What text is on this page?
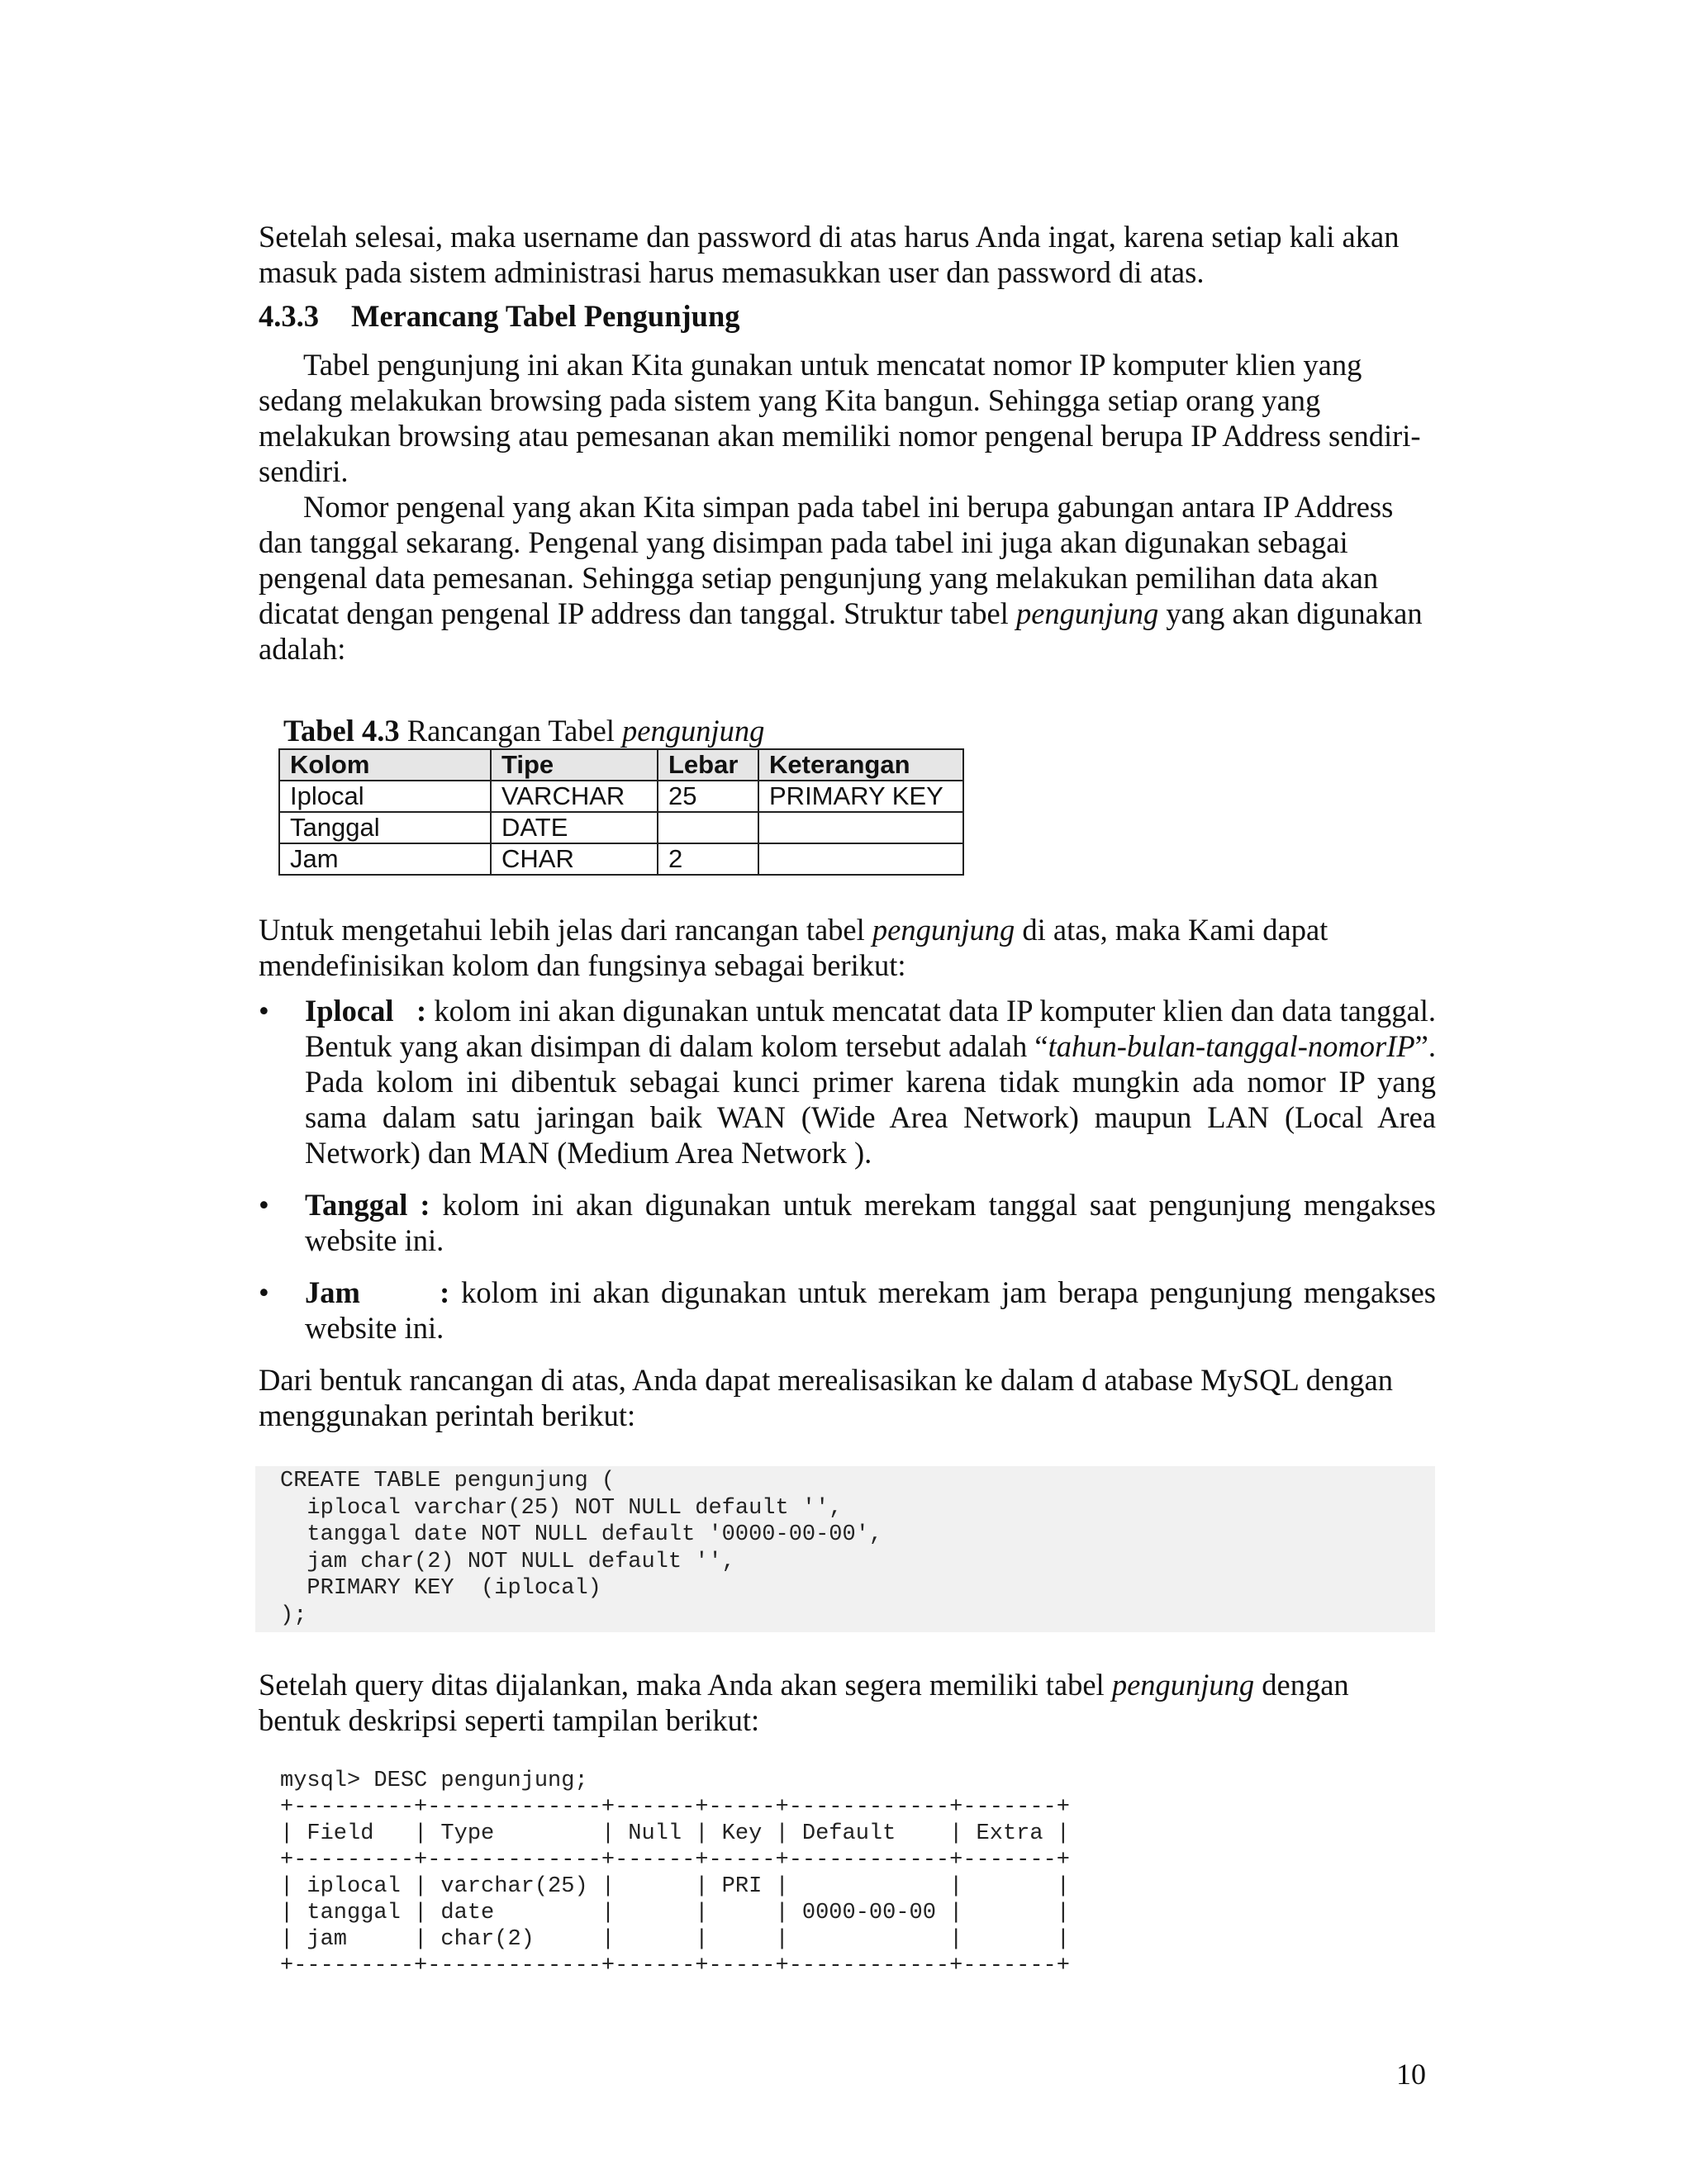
Setelah selesai, maka username dan password di atas harus Anda ingat, karena setiap kali akan masuk pada sistem administrasi harus memasukkan user dan password di atas.

4.3.3 Merancang Tabel Pengunjung

Tabel pengunjung ini akan Kita gunakan untuk mencatat nomor IP komputer klien yang sedang melakukan browsing pada sistem yang Kita bangun. Sehingga setiap orang yang melakukan browsing atau pemesanan akan memiliki nomor pengenal berupa IP Address sendiri-sendiri.

Nomor pengenal yang akan Kita simpan pada tabel ini berupa gabungan antara IP Address dan tanggal sekarang. Pengenal yang disimpan pada tabel ini juga akan digunakan sebagai pengenal data pemesanan. Sehingga setiap pengunjung yang melakukan pemilihan data akan dicatat dengan pengenal IP address dan tanggal. Struktur tabel pengunjung yang akan digunakan adalah:

Tabel 4.3 Rancangan Tabel pengunjung

Kolom	Tipe	Lebar	Keterangan
Iplocal	VARCHAR	25	PRIMARY KEY
Tanggal	DATE		
Jam	CHAR	2	

Untuk mengetahui lebih jelas dari rancangan tabel pengunjung di atas, maka Kami dapat mendefinisikan kolom dan fungsinya sebagai berikut:

•	Iplocal   : kolom ini akan digunakan untuk mencatat data IP komputer klien dan data tanggal. Bentuk yang akan disimpan di dalam kolom tersebut adalah “tahun-bulan-tanggal-nomorIP”. Pada kolom ini dibentuk sebagai kunci primer karena tidak mungkin ada nomor IP yang sama dalam satu jaringan baik WAN (Wide Area Network) maupun LAN (Local Area Network) dan MAN (Medium Area Network ).
•	Tanggal : kolom ini akan digunakan untuk merekam tanggal saat pengunjung mengakses website ini.
•	Jam       : kolom ini akan digunakan untuk merekam jam berapa pengunjung mengakses website ini.

Dari bentuk rancangan di atas, Anda dapat merealisasikan ke dalam d atabase MySQL dengan menggunakan perintah berikut:

CREATE TABLE pengunjung (
iplocal varchar(25) NOT NULL default '',
tanggal date NOT NULL default '0000-00-00',
jam char(2) NOT NULL default '',
PRIMARY KEY  (iplocal)
);

Setelah query ditas dijalankan, maka Anda akan segera memiliki tabel pengunjung dengan bentuk deskripsi seperti tampilan berikut:

mysql> DESC pengunjung;
+---------+-------------+------+-----+------------+-------+
| Field   | Type        | Null | Key | Default    | Extra |
+---------+-------------+------+-----+------------+-------+
| iplocal | varchar(25) |      | PRI |            |       |
| tanggal | date        |      |     | 0000-00-00 |       |
| jam     | char(2)     |      |     |            |       |
+---------+-------------+------+-----+------------+-------+
10
